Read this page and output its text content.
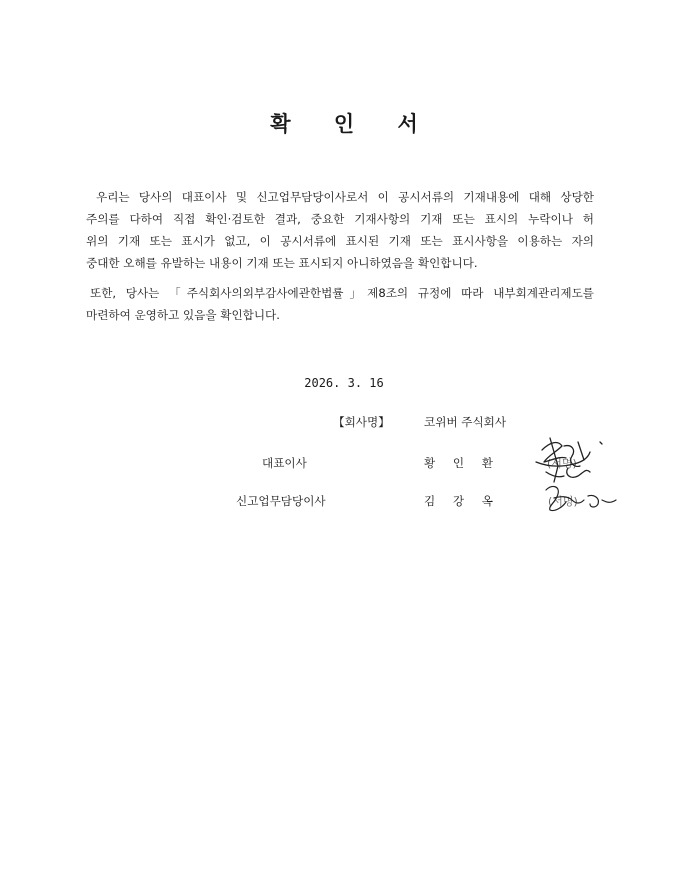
확 인 서
우리는 당사의 대표이사 및 신고업무담당이사로서 이 공시서류의 기재내용에 대해 상당한
주의를 다하여 직접 확인·검토한 결과, 중요한 기재사항의 기재 또는 표시의 누락이나 허
위의 기재 또는 표시가 없고, 이 공시서류에 표시된 기재 또는 표시사항을 이용하는 자의
중대한 오해를 유발하는 내용이 기재 또는 표시되지 아니하였음을 확인합니다.
또한, 당사는 「주식회사의외부감사에관한법률」제8조의 규정에 따라 내부회계관리제도를
마련하여 운영하고 있음을 확인합니다.
2026. 3. 16
【회사명】	코위버 주식회사
대표이사	황 인 환	(서명)
신고업무담당이사	김 강 옥	(서명)
